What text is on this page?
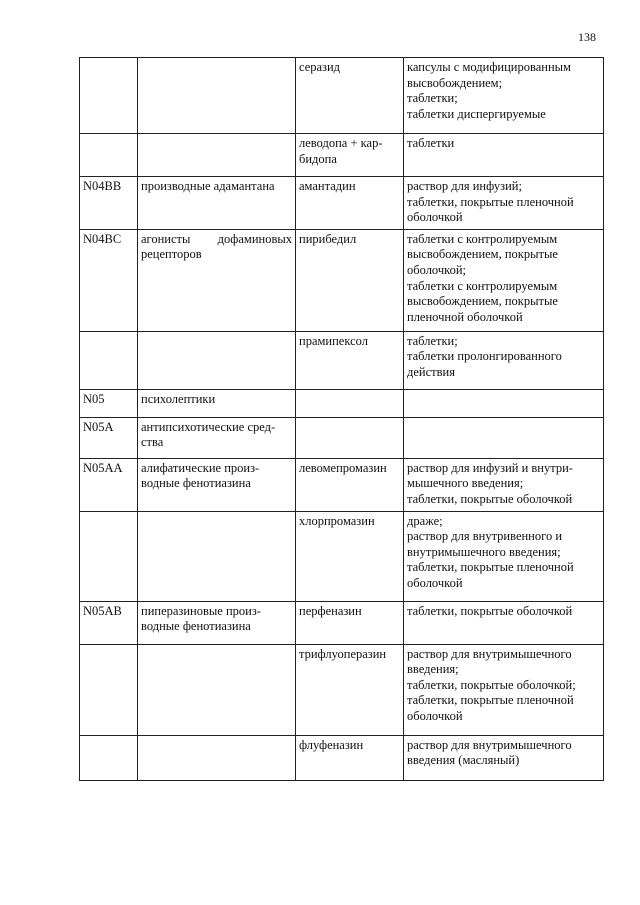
138
		серазид	капсулы с модифицированным высвобождением;
таблетки;
таблетки диспергируемые
		леводопа + кар-
бидопа	таблетки
N04BB	производные адамантана	амантадин	раствор для инфузий;
таблетки, покрытые пленочной оболочкой
N04BC	агонисты дофаминовых рецепторов	пирибедил	таблетки с контролируемым высвобождением, покрытые оболочкой;
таблетки с контролируемым высвобождением, покрытые пленочной оболочкой
		прамипексол	таблетки;
таблетки пролонгированного действия
N05	психолептики		
N05A	антипсихотические сред-
ства		
N05AA	алифатические произ-
водные фенотиазина	левомепромазин	раствор для инфузий и внутри-
мышечного введения;
таблетки, покрытые оболочкой
		хлорпромазин	драже;
раствор для внутривенного и внутримышечного введения;
таблетки, покрытые пленочной оболочкой
N05AB	пиперазиновые произ-
водные фенотиазина	перфеназин	таблетки, покрытые оболочкой
		трифлуоперазин	раствор для внутримышечного введения;
таблетки, покрытые оболочкой;
таблетки, покрытые пленочной оболочкой
		флуфеназин	раствор для внутримышечного введения (масляный)
